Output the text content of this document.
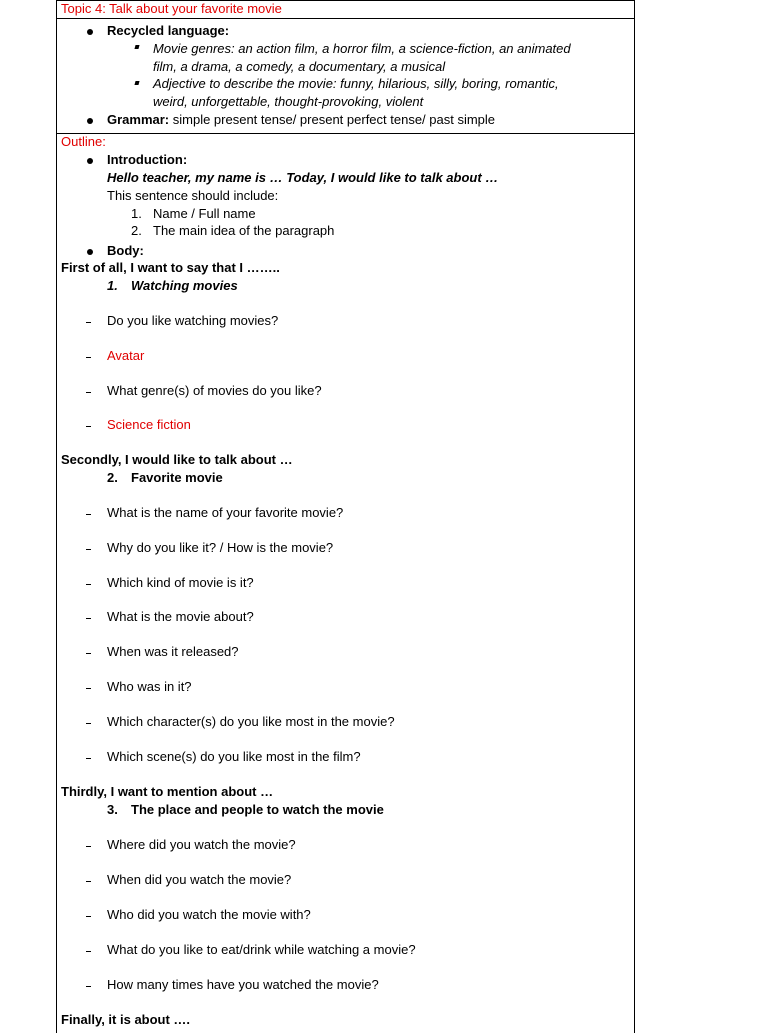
Topic 4: Talk about your favorite movie
Recycled language:
Movie genres: an action film, a horror film, a science-fiction, an animated
film, a drama, a comedy, a documentary, a musical
Adjective to describe the movie: funny, hilarious, silly, boring, romantic,
weird, unforgettable, thought-provoking, violent
Grammar: simple present tense/ present perfect tense/ past simple
Outline:
Introduction:
Hello teacher, my name is … Today, I would like to talk about …
This sentence should include:
1. Name / Full name
2. The main idea of the paragraph
Body:
First of all, I want to say that I ……..
1. Watching movies
Do you like watching movies?
Avatar
What genre(s) of movies do you like?
Science fiction
Secondly, I would like to talk about …
2. Favorite movie
What is the name of your favorite movie?
Why do you like it? / How is the movie?
Which kind of movie is it?
What is the movie about?
When was it released?
Who was in it?
Which character(s) do you like most in the movie?
Which scene(s) do you like most in the film?
Thirdly, I want to mention about …
3. The place and people to watch the movie
Where did you watch the movie?
When did you watch the movie?
Who did you watch the movie with?
What do you like to eat/drink while watching a movie?
How many times have you watched the movie?
Finally, it is about ….
